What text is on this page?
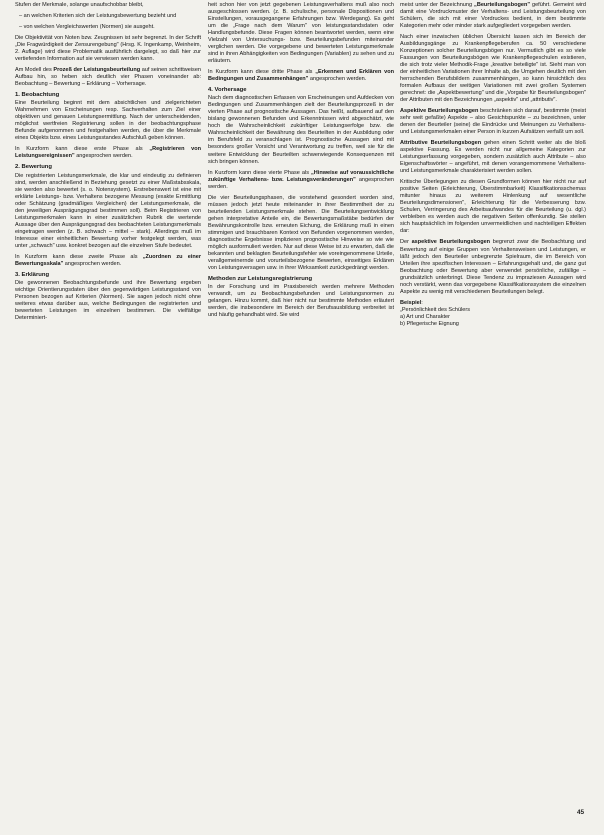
Stufen der Merkmale, solange unaufschobbar bleibt,

– an welchen Kriterien sich der Leistungsbewertung bezieht und

– von welchen Vergleichswerten (Normen) sie ausgeht.

Die Objektivität von Noten bzw. Zeugnissen ist sehr begrenzt. In der Schrift „Die Fragwürdigkeit der Zensurengebung" (Hrsg. K. Ingenkamp, Weinheim, 2. Auflage) wird diese Problematik ausführlich dargelegt, so daß hier zur vertiefenden Information auf sie verwiesen werden kann.

Am Modell des Prozeß der Leistungsbeurteilung auf seinen schrittweisen Aufbau hin, so heben sich deutlich vier Phasen voneinander ab: Beobachtung – Bewertung – Erklärung – Vorhersage.

1. Beobachtung

Eine Beurteilung beginnt mit dem absichtlichen und zielgerichteten Wahrnehmen von Erscheinungen resp. Sachverhalten zum Ziel einer objektiven und genauen Leistungsermittlung. Nach der unterscheidenden, möglichst wertfreien Registrierung sollen in der beobachtungsphase Befunde aufgenommen und festgehalten werden, die über die Merkmale eines Objekts bzw. eines Leistungsstandes Aufschluß geben können.

In Kurzform kann diese erste Phase als „Registrieren von Leistungsereignissen" angesprochen werden.

2. Bewertung

Die registrierten Leistungsmerkmale, die klar und eindeutig zu definieren sind, werden anschließend in Beziehung gesetzt zu einer Maßstabsskala, sie werden also bewertet (s. o. Notensystem). Erstrebenswert ist eine mit erklärte Leistungs- bzw. Verhaltens bezogene Messung (exakte Ermittlung oder Schätzung (gradmäßiges Vergleichen) der Leistungsmerkmale, die den jeweiligen Ausprägungsgrad bestimmen soll). Beim Registrieren von Leistungsmerkmalen kann in einer zusätzlichen Rubrik die wertende Aussage über den Ausprägungsgrad des beobachteten Leistungsmerkmals eingetragen werden (z. B. schwach – mittel – stark). Allerdings muß im Interesse einer einheitlichen Bewertung vorher festgelegt werden, was unter „schwach" usw. konkret bezogen auf die einzelnen Stufe bedeutet.

In Kurzform kann diese zweite Phase als „Zuordnen zu einer Bewertungsskala" angesprochen werden.

3. Erklärung

Die gewonnenen Beobachtungsbefunde und ihre Bewertung ergeben wichtige Orientierungsdaten über den gegenwärtigen Leistungsstand von Personen bezogen auf Kriterien (Normen). Sie sagen jedoch nicht ohne weiteres etwas darüber aus, welche Bedingungen die registrierten und bewerteten Leistungen im einzelnen bestimmen. Die vielfältige Determiniert-

heit schon hier von jetzt gegebenen Leistungsverhaltens muß also noch ausgeschlossen werden. (z. B. schulische, personale Dispositionen und Einstellungen, vorausgegangene Erfahrungen bzw. Werdegang). Es geht um die „Frage nach dem Warum" von leistungsstandsdaten oder Handlungsbefunde. Diese Fragen können beantwortet werden, wenn eine Vielzahl von Untersuchungs- bzw. Beurteilungsbefunden miteinander verglichen werden. Die vorgegebene und bewerteten Leistungsmerkmale sind in ihren Abhängigkeiten von Bedingungen (Variablen) zu sehen und zu erläutern.

In Kurzform kann diese dritte Phase als „Erkennen und Erklären von Bedingungen und Zusammenhängen" angesprochen werden.

4. Vorhersage

Nach dem diagnostischen Erfassen von Erscheinungen und Aufdecken von Bedingungen und Zusammenhängen zielt der Beurteilungsprozeß in der vierten Phase auf prognostische Aussagen. Das heißt, aufbauend auf den bislang gewonnenen Befunden und Erkenntnissen wird abgeschätzt, wie hoch die Wahrscheinlichkeit zukünftiger Leistungserfolge bzw. die Wahrscheinlichkeit der Bewährung des Beurteilten in der Ausbildung oder im Berufsfeld zu veranschlagen ist. Prognostische Aussagen sind mit besonders großer Vorsicht und Verantwortung zu treffen, weil sie für die weitere Entwicklung der Beurteilten schwerwiegende Konsequenzen mit sich bringen können.

In Kurzform kann diese vierte Phase als „Hinweise auf voraussichtliche zukünftige Verhaltens- bzw. Leistungsveränderungen" angesprochen werden.

Die vier Beurteilungsphasen, die vorstehend gesondert worden sind, müssen jedoch jetzt heute miteinander in ihrer Bestimmtheit der zu beurteilenden Leistungsmerkmale stehen. Die Beurteilungsentwicklung gehen interpretative Anteile ein, die Bewertungsmaßstäbe bedürfen der Bewährungskontrolle bzw. erneuten Eichung, die Erklärung muß in einen stimmigen und brauchbaren Kontext von Befunden vorgenommen werden, diagnostische Ergebnisse implizieren prognostische Hinweise so wie wie möglich ausformuliert werden. Nur auf diese Weise ist zu erwarten, daß die bekannten und beklagten Beurteilungsfehler wie voreingenommene Urteile, verallgemeinernde und vorurteilsbezogene Bewerten, einseitiges Erklären von Leistungsversagen usw. in ihrer Wirksamkeit zurückgedrängt werden.

Methoden zur Leistungsregistrierung

In der Forschung und im Praxisbereich werden mehrere Methoden verwandt, um zu Beobachtungsbefunden und Leistungsnormen zu gelangen. Hinzu kommt, daß hier nicht nur bestimmte Methoden erläutert werden, die insbesondere im Bereich der Berufsausbildung verbreitet ist und häufig gehandhabt wird. Sie wird

meist unter der Bezeichnung „Beurteilungsbogen" geführt. Gemeint wird damit eine Vordruckmuster der Verhaltens- und Leistungsbeurteilung von Schülern, die sich mit einer Vordruckes bedient, in dem bestimmte Kategorien mehr oder minder stark aufgegliedert vorgegeben werden.

Nach einer inzwischen üblichen Übersicht lassen sich im Bereich der Ausbildungsgänge zu Krankenpflegeberufen ca. 50 verschiedene Konzeptionen solcher Beurteilungsbögen nur. Vermutlich gibt es so viele Fassungen von Beurteilungsbögen wie Krankenpflegeschulen existieren, die sich trotz vieler Methodik-Frage „kreative beteiligte" ist. Sieht man von der einheitlichen Variationen ihrer Inhalte ab, die Umgehen deutlich mit den herrschenden Berufsbildern zusammenhängen, so kann hinsichtlich des formalen Aufbaus der weitigen Variationen mit zwei großen Systemen gerechnet: die „Aspektbewertung" und die „Vorgabe für Beurteilungsbogen" der Attributen mit den Bezeichnungen „aspektiv" und „attributiv".

Aspektive Beurteilungsbogen beschränken sich darauf, bestimmte (meist sehr weit gefaßte) Aspekte – also Gesichtspunkte – zu bezeichnen, unter denen der Beurteiler (seine) die Eindrücke und Meinungen zu Verhaltens- und Leistungsmerkmalen einer Person in kurzen Aufsätzen verfaßt um soll.

Attributive Beurteilungsbogen gehen einen Schritt weiter als die bloß aspektive Fassung. Es werden nicht nur allgemeine Kategorien zur Leistungserfassung vorgegeben, sondern zusätzlich auch Attribute – also Eigenschaftswörter – angeführt, mit denen vorangemommene Verhaltens- und Leistungsmerkmale charakterisiert werden sollen.

Kritische Überlegungen zu diesen Grundformen können hier nicht nur auf positive Seiten (Erleichterung, Überstimmbarkeit) Klassifikationsschemas mitunter hinaus zu weiterem Hinlenkung auf wesentliche Beurteilungsdimensionen", Erleichterung für die Verbesserung bzw. Schulen, Verringerung des Arbeitsaufwandes für die Beurteilung (u. dgl.) verbleiben es werden auch die negativen Seiten offenkundig. Sie stellen sich hauptsächlich im folgenden unvermeidlichen und nachteiligen Effekten dar:

Der aspektive Beurteilungsbogen begrenzt zwar die Beobachtung und Bewertung auf einige Gruppen von Verhaltensweisen und Leistungen, er läßt jedoch den Beurteiler unbegrenzte Spielraum, die im Bereich von Urteilen ihre spezifischen Interessen – Erfahrungsgehalt und, die ganz gut Beobachtung oder Bewertung aber verwendet persönliche, zufällige – grundsätzlich unterbringt. Diese Tendenz zu impraziesen Aussagen wird noch verstärkt, wenn das vorgegebene Klassifikationssystem die einzelnen Aspekte zu wenig mit verschiedenen Beurteilungen belegt.

Beispiel:

„Persönlichkeit des Schülers

a) Art und Charakter

b) Pflegerische Eignung

45
